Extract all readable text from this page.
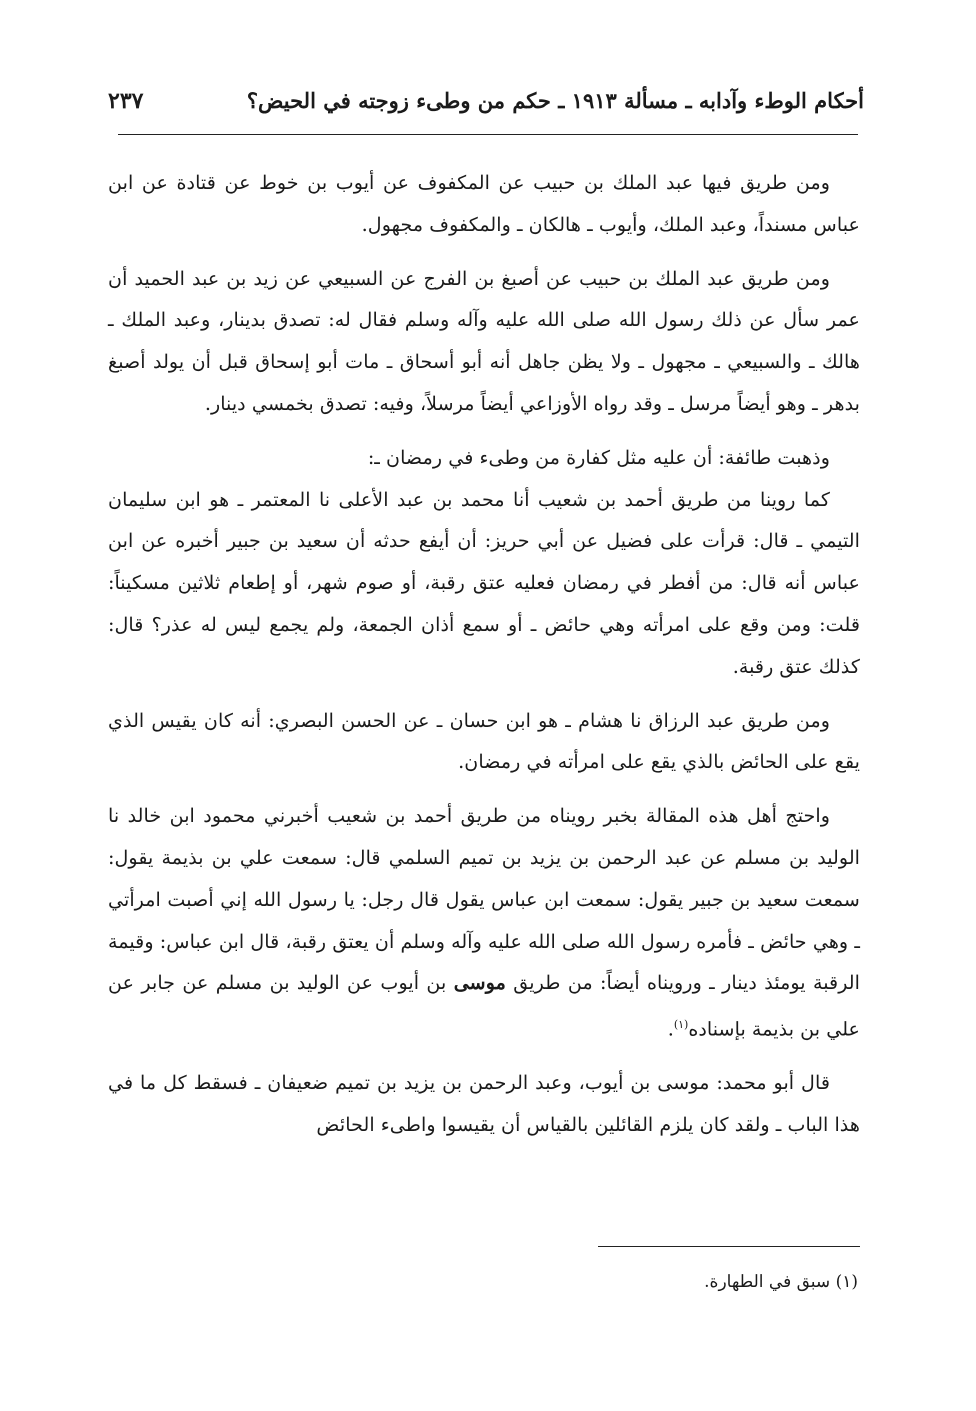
أحكام الوطء وآدابه ـ مسألة ١٩١٣ ـ حكم من وطىء زوجته في الحيض؟
٢٣٧

ومن طريق فيها عبد الملك بن حبيب عن المكفوف عن أيوب بن خوط عن قتادة عن ابن عباس مسنداً، وعبد الملك، وأيوب ـ هالكان ـ والمكفوف مجهول.

ومن طريق عبد الملك بن حبيب عن أصبغ بن الفرج عن السبيعي عن زيد بن عبد الحميد أن عمر سأل عن ذلك رسول الله صلى الله عليه وآله وسلم فقال له: تصدق بدينار، وعبد الملك ـ هالك ـ والسبيعي ـ مجهول ـ ولا يظن جاهل أنه أبو أسحاق ـ مات أبو إسحاق قبل أن يولد أصبغ بدهر ـ وهو أيضاً مرسل ـ وقد رواه الأوزاعي أيضاً مرسلاً، وفيه: تصدق بخمسي دينار.

وذهبت طائفة: أن عليه مثل كفارة من وطىء في رمضان ـ:

كما روينا من طريق أحمد بن شعيب أنا محمد بن عبد الأعلى نا المعتمر ـ هو ابن سليمان التيمي ـ قال: قرأت على فضيل عن أبي حريز: أن أيفع حدثه أن سعيد بن جبير أخبره عن ابن عباس أنه قال: من أفطر في رمضان فعليه عتق رقبة، أو صوم شهر، أو إطعام ثلاثين مسكيناً: قلت: ومن وقع على امرأته وهي حائض ـ أو سمع أذان الجمعة، ولم يجمع ليس له عذر؟ قال: كذلك عتق رقبة.

ومن طريق عبد الرزاق نا هشام ـ هو ابن حسان ـ عن الحسن البصري: أنه كان يقيس الذي يقع على الحائض بالذي يقع على امرأته في رمضان.

واحتج أهل هذه المقالة بخبر رويناه من طريق أحمد بن شعيب أخبرني محمود ابن خالد نا الوليد بن مسلم عن عبد الرحمن بن يزيد بن تميم السلمي قال: سمعت علي بن بذيمة يقول: سمعت سعيد بن جبير يقول: سمعت ابن عباس يقول قال رجل: يا رسول الله إني أصبت امرأتي ـ وهي حائض ـ فأمره رسول الله صلى الله عليه وآله وسلم أن يعتق رقبة، قال ابن عباس: وقيمة الرقبة يومئذ دينار ـ ورويناه أيضاً: من طريق موسى بن أيوب عن الوليد بن مسلم عن جابر عن علي بن بذيمة بإسناده$^{(١)}$.

قال أبو محمد: موسى بن أيوب، وعبد الرحمن بن يزيد بن تميم ضعيفان ـ فسقط كل ما في هذا الباب ـ ولقد كان يلزم القائلين بالقياس أن يقيسوا واطىء الحائض

(١) سبق في الطهارة.
